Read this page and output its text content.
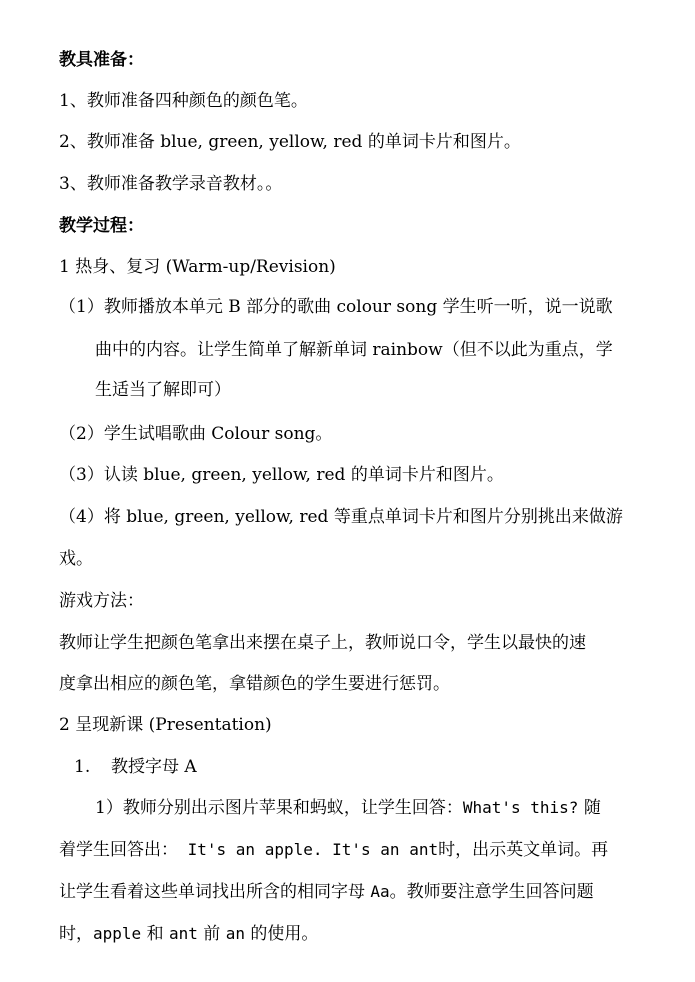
教具准备：
1、教师准备四种颜色的颜色笔。
2、教师准备 blue, green, yellow, red 的单词卡片和图片。
3、教师准备教学录音教材。。
教学过程：
1 热身、复习 (Warm-up/Revision)
（1）教师播放本单元 B 部分的歌曲 colour song 学生听一听，说一说歌
曲中的内容。让学生简单了解新单词 rainbow（但不以此为重点，学
生适当了解即可）
（2）学生试唱歌曲 Colour song。
（3）认读 blue, green, yellow, red 的单词卡片和图片。
（4）将 blue, green, yellow, red 等重点单词卡片和图片分别挑出来做游
戏。
游戏方法：
教师让学生把颜色笔拿出来摆在桌子上，教师说口令，学生以最快的速
度拿出相应的颜色笔，拿错颜色的学生要进行惩罚。
2 呈现新课 (Presentation)
1. 教授字母 A
1）教师分别出示图片苹果和蚂蚁，让学生回答：What's this? 随
着学生回答出： It's an apple. It's an ant时，出示英文单词。再
让学生看着这些单词找出所含的相同字母 Aa。教师要注意学生回答问题
时，apple 和 ant 前 an 的使用。
